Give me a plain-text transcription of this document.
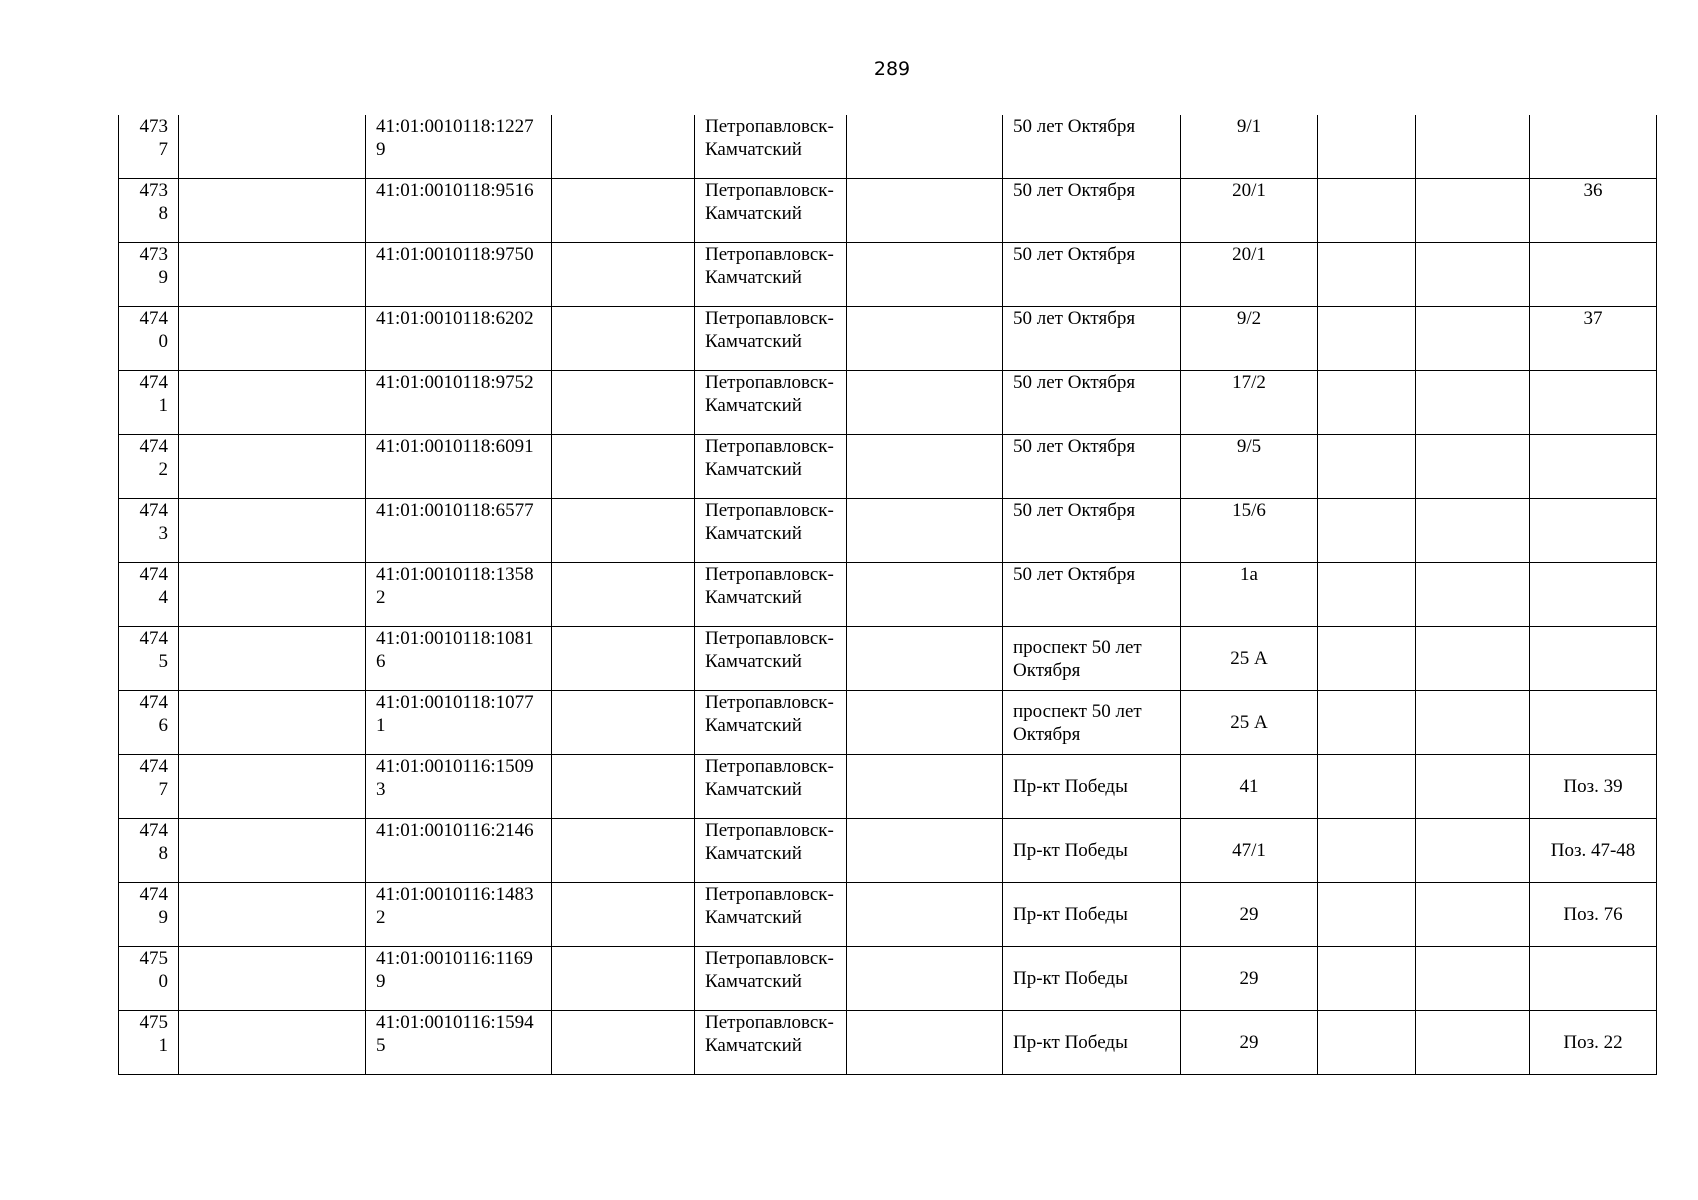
289
4737		41:01:0010118:12279		Петропавловск-Камчатский		50 лет Октября	9/1			
4738		41:01:0010118:9516		Петропавловск-Камчатский		50 лет Октября	20/1			36
4739		41:01:0010118:9750		Петропавловск-Камчатский		50 лет Октября	20/1			
4740		41:01:0010118:6202		Петропавловск-Камчатский		50 лет Октября	9/2			37
4741		41:01:0010118:9752		Петропавловск-Камчатский		50 лет Октября	17/2			
4742		41:01:0010118:6091		Петропавловск-Камчатский		50 лет Октября	9/5			
4743		41:01:0010118:6577		Петропавловск-Камчатский		50 лет Октября	15/6			
4744		41:01:0010118:13582		Петропавловск-Камчатский		50 лет Октября	1а			
4745		41:01:0010118:10816		Петропавловск-Камчатский		проспект 50 лет Октября	25 А			
4746		41:01:0010118:10771		Петропавловск-Камчатский		проспект 50 лет Октября	25 А			
4747		41:01:0010116:15093		Петропавловск-Камчатский		Пр-кт Победы	41			Поз. 39
4748		41:01:0010116:2146		Петропавловск-Камчатский		Пр-кт Победы	47/1			Поз. 47-48
4749		41:01:0010116:14832		Петропавловск-Камчатский		Пр-кт Победы	29			Поз. 76
4750		41:01:0010116:11699		Петропавловск-Камчатский		Пр-кт Победы	29			
4751		41:01:0010116:15945		Петропавловск-Камчатский		Пр-кт Победы	29			Поз. 22
